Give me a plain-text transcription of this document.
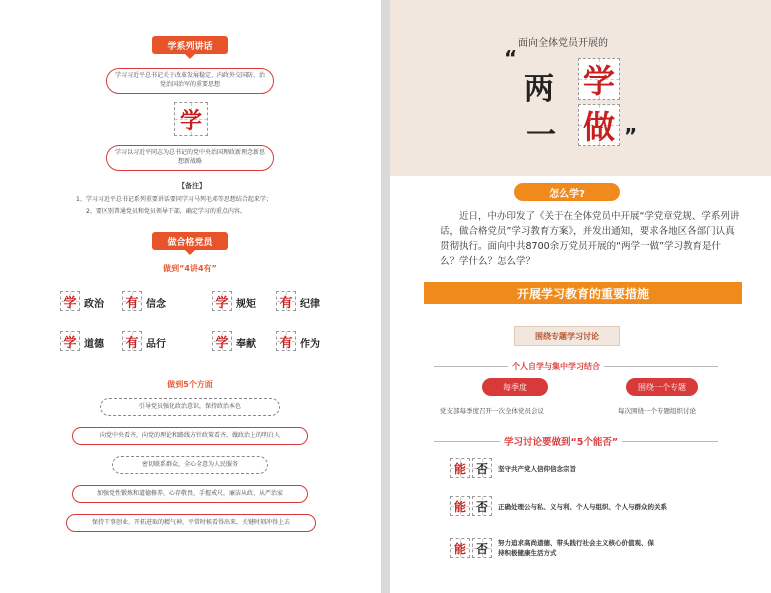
学系列讲话
学习习近平总书记关于改革发展稳定、内政外交国防、治党治国治军的重要思想
学
学习以习近平同志为总书记的党中央治国理政新理念新思想新战略
【备注】
1、学习习近平总书记系列重要讲话要同学习马列毛邓等思想结合起来学；
2、要区别普通党员和党员领导干部，确定学习的重点内容。
做合格党员
做到“4讲4有”
学 政治 有 信念	学 规矩 有 纪律
学 道德 有 品行	学 奉献 有 作为
做到5个方面
引导党员强化政治意识，保持政治本色
向党中央看齐，向党的理论和路线方针政策看齐，做政治上的明白人
密切联系群众，全心全意为人民服务
加强党性锻炼和道德修养，心存敬畏、手握戒尺，廉洁从政、从严治家
保持干事创业、开拓进取的精气神，平常时候看得出来，关键时刻冲得上去
面向全体党员开展的
“
两 学
一 做 ”
怎么学?
近日，中办印发了《关于在全体党员中开展“学党章党规、学系列讲话，做合格党员”学习教育方案》，并发出通知，要求各地区各部门认真贯彻执行。面向中共8700余万党员开展的“两学一做”学习教育是什么？学什么？怎么学？
开展学习教育的重要措施
围绕专题学习讨论
个人自学与集中学习结合
每季度	围绕一个专题
党支部每季度召开一次全体党员会议	每次围绕一个专题组织讨论
学习讨论要做到“5个能否”
能 否 坚守共产党人信仰信念宗旨
能 否 正确处理公与私、义与利、个人与组织、个人与群众的关系
能 否 努力追求高尚道德、带头践行社会主义核心价值观、保持积极健康生活方式
